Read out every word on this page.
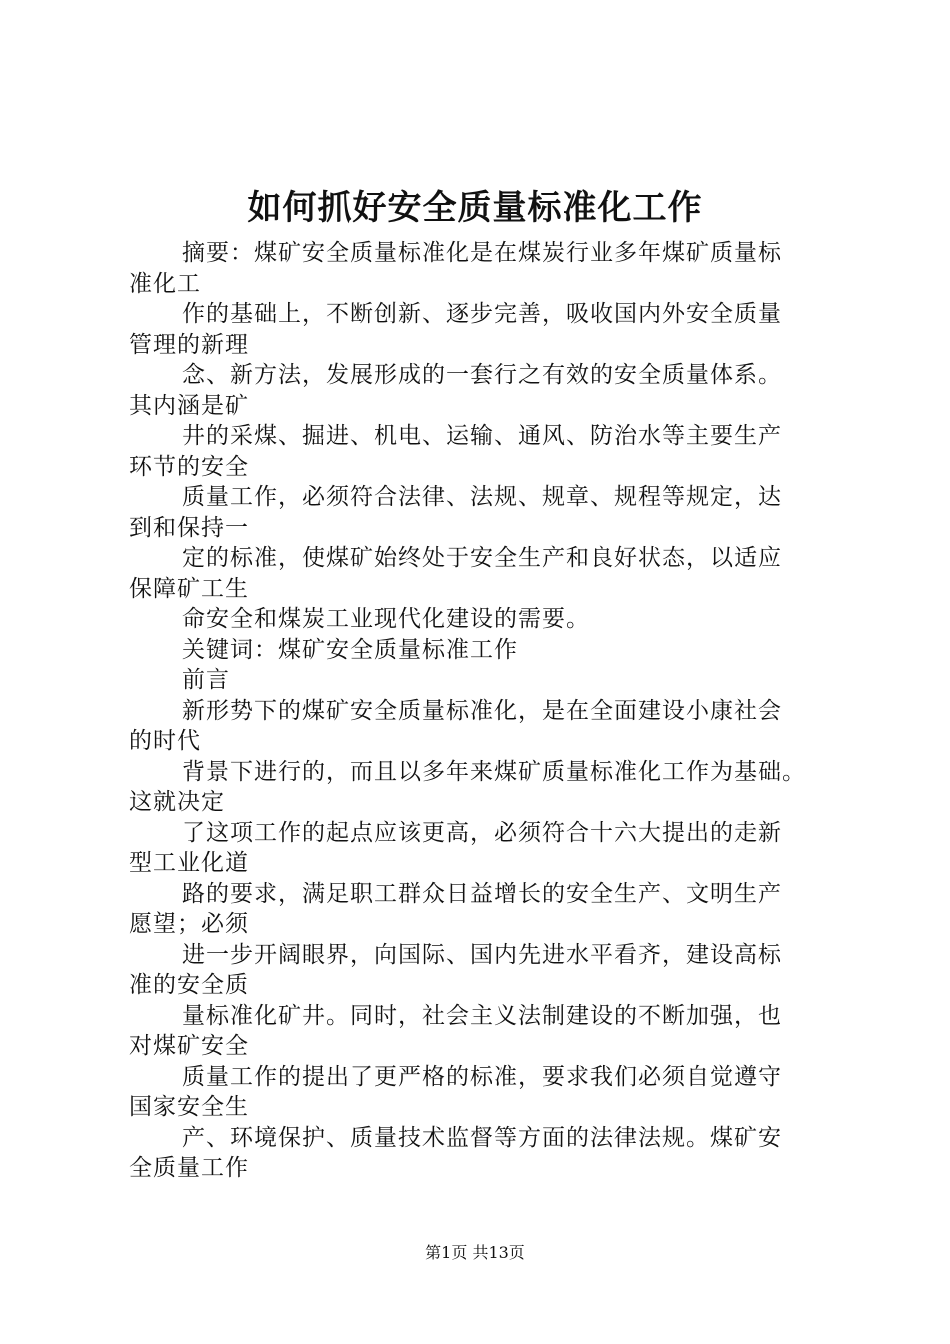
如何抓好安全质量标准化工作
摘要：煤矿安全质量标准化是在煤炭行业多年煤矿质量标
准化工
作的基础上，不断创新、逐步完善，吸收国内外安全质量
管理的新理
念、新方法，发展形成的一套行之有效的安全质量体系。
其内涵是矿
井的采煤、掘进、机电、运输、通风、防治水等主要生产
环节的安全
质量工作，必须符合法律、法规、规章、规程等规定，达
到和保持一
定的标准，使煤矿始终处于安全生产和良好状态，以适应
保障矿工生
命安全和煤炭工业现代化建设的需要。
关键词：煤矿安全质量标准工作
前言
新形势下的煤矿安全质量标准化，是在全面建设小康社会
的时代
背景下进行的，而且以多年来煤矿质量标准化工作为基础。
这就决定
了这项工作的起点应该更高，必须符合十六大提出的走新
型工业化道
路的要求，满足职工群众日益增长的安全生产、文明生产
愿望；必须
进一步开阔眼界，向国际、国内先进水平看齐，建设高标
准的安全质
量标准化矿井。同时，社会主义法制建设的不断加强，也
对煤矿安全
质量工作的提出了更严格的标准，要求我们必须自觉遵守
国家安全生
产、环境保护、质量技术监督等方面的法律法规。煤矿安
全质量工作
第1页 共13页
